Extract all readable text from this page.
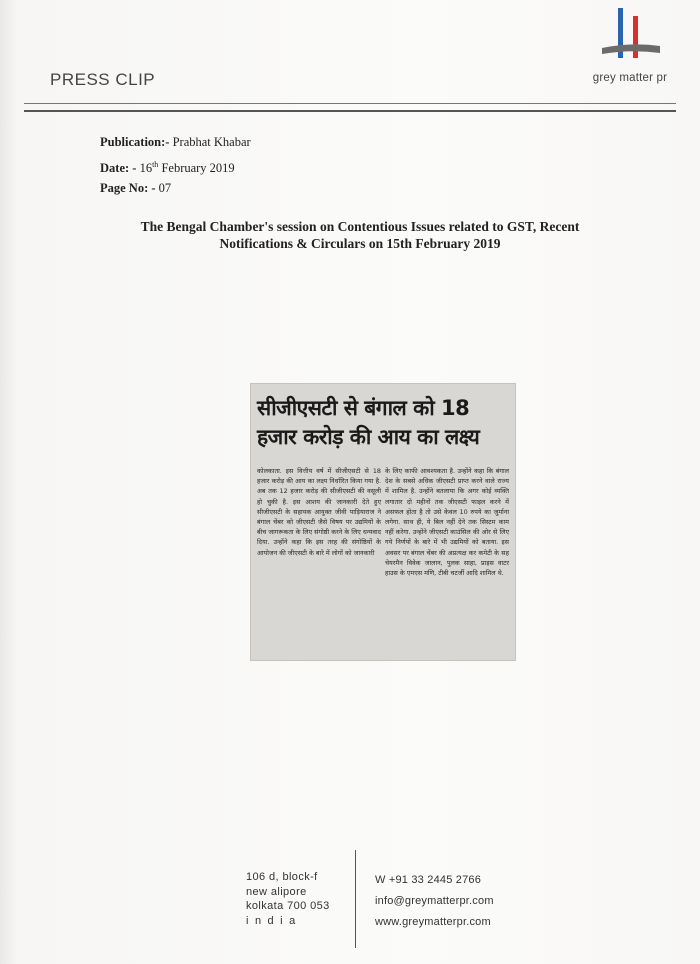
PRESS CLIP	grey matter pr
Publication:- Prabhat Khabar
Date: - 16th February 2019
Page No: - 07
The Bengal Chamber's session on Contentious Issues related to GST, Recent
Notifications & Circulars on 15th February 2019
सीजीएसटी से बंगाल को 18
हजार करोड़ की आय का लक्ष्य
कोलकाता. इस वित्तीय वर्ष में सीजीएसटी से 18 हजार करोड़ की आय का लक्ष्य निर्धारित किया गया है. अब तक 12 हजार करोड़ की सीजीएसटी की वसूली हो चुकी है. इस आशय की जानकारी देते हुए सीजीएसटी के सहायक आयुक्त जीवी पाड़ियाराज ने बंगाल चेंबर को जीएसटी जैसे विषय पर उद्यमियों के बीच जागरूकता के लिए संगोष्ठी करने के लिए धन्यवाद दिया. उन्होंने कहा कि इस तरह की संगोष्ठियों के आयोजन की जीएसटी के बारे में लोगों को जानकारी
के लिए काफी आवश्यकता है. उन्होंने कहा कि बंगाल देश के सबसे अधिक जीएसटी प्राप्त करने वाले राज्य में शामिल है. उन्होंने बतलाया कि अगर कोई व्यक्ति लगातार दो महीनों तक जीएसटी फाइल करने में असफल होता है तो उसे केवल 10 रुपये का जुर्माना लगेगा. साथ ही, ये बिल नहीं देने तक सिस्टम काम नहीं करेगा. उन्होंने जीएसटी काउंसिल की ओर से लिए गये निर्णयों के बारे में भी उद्यमियों को बताया. इस अवसर पर बंगाल चेंबर की अप्रत्यक्ष कर कमेटी के सह चेयरमैन विवेक जालान, पुलक साहा, प्राइस वाटर हाउस के एमएस मणि, टीबी चटर्जी आदि शामिल थे.
106 d, block-f
new alipore
kolkata 700 053
india
W +91 33 2445 2766
info@greymatterpr.com
www.greymatterpr.com
